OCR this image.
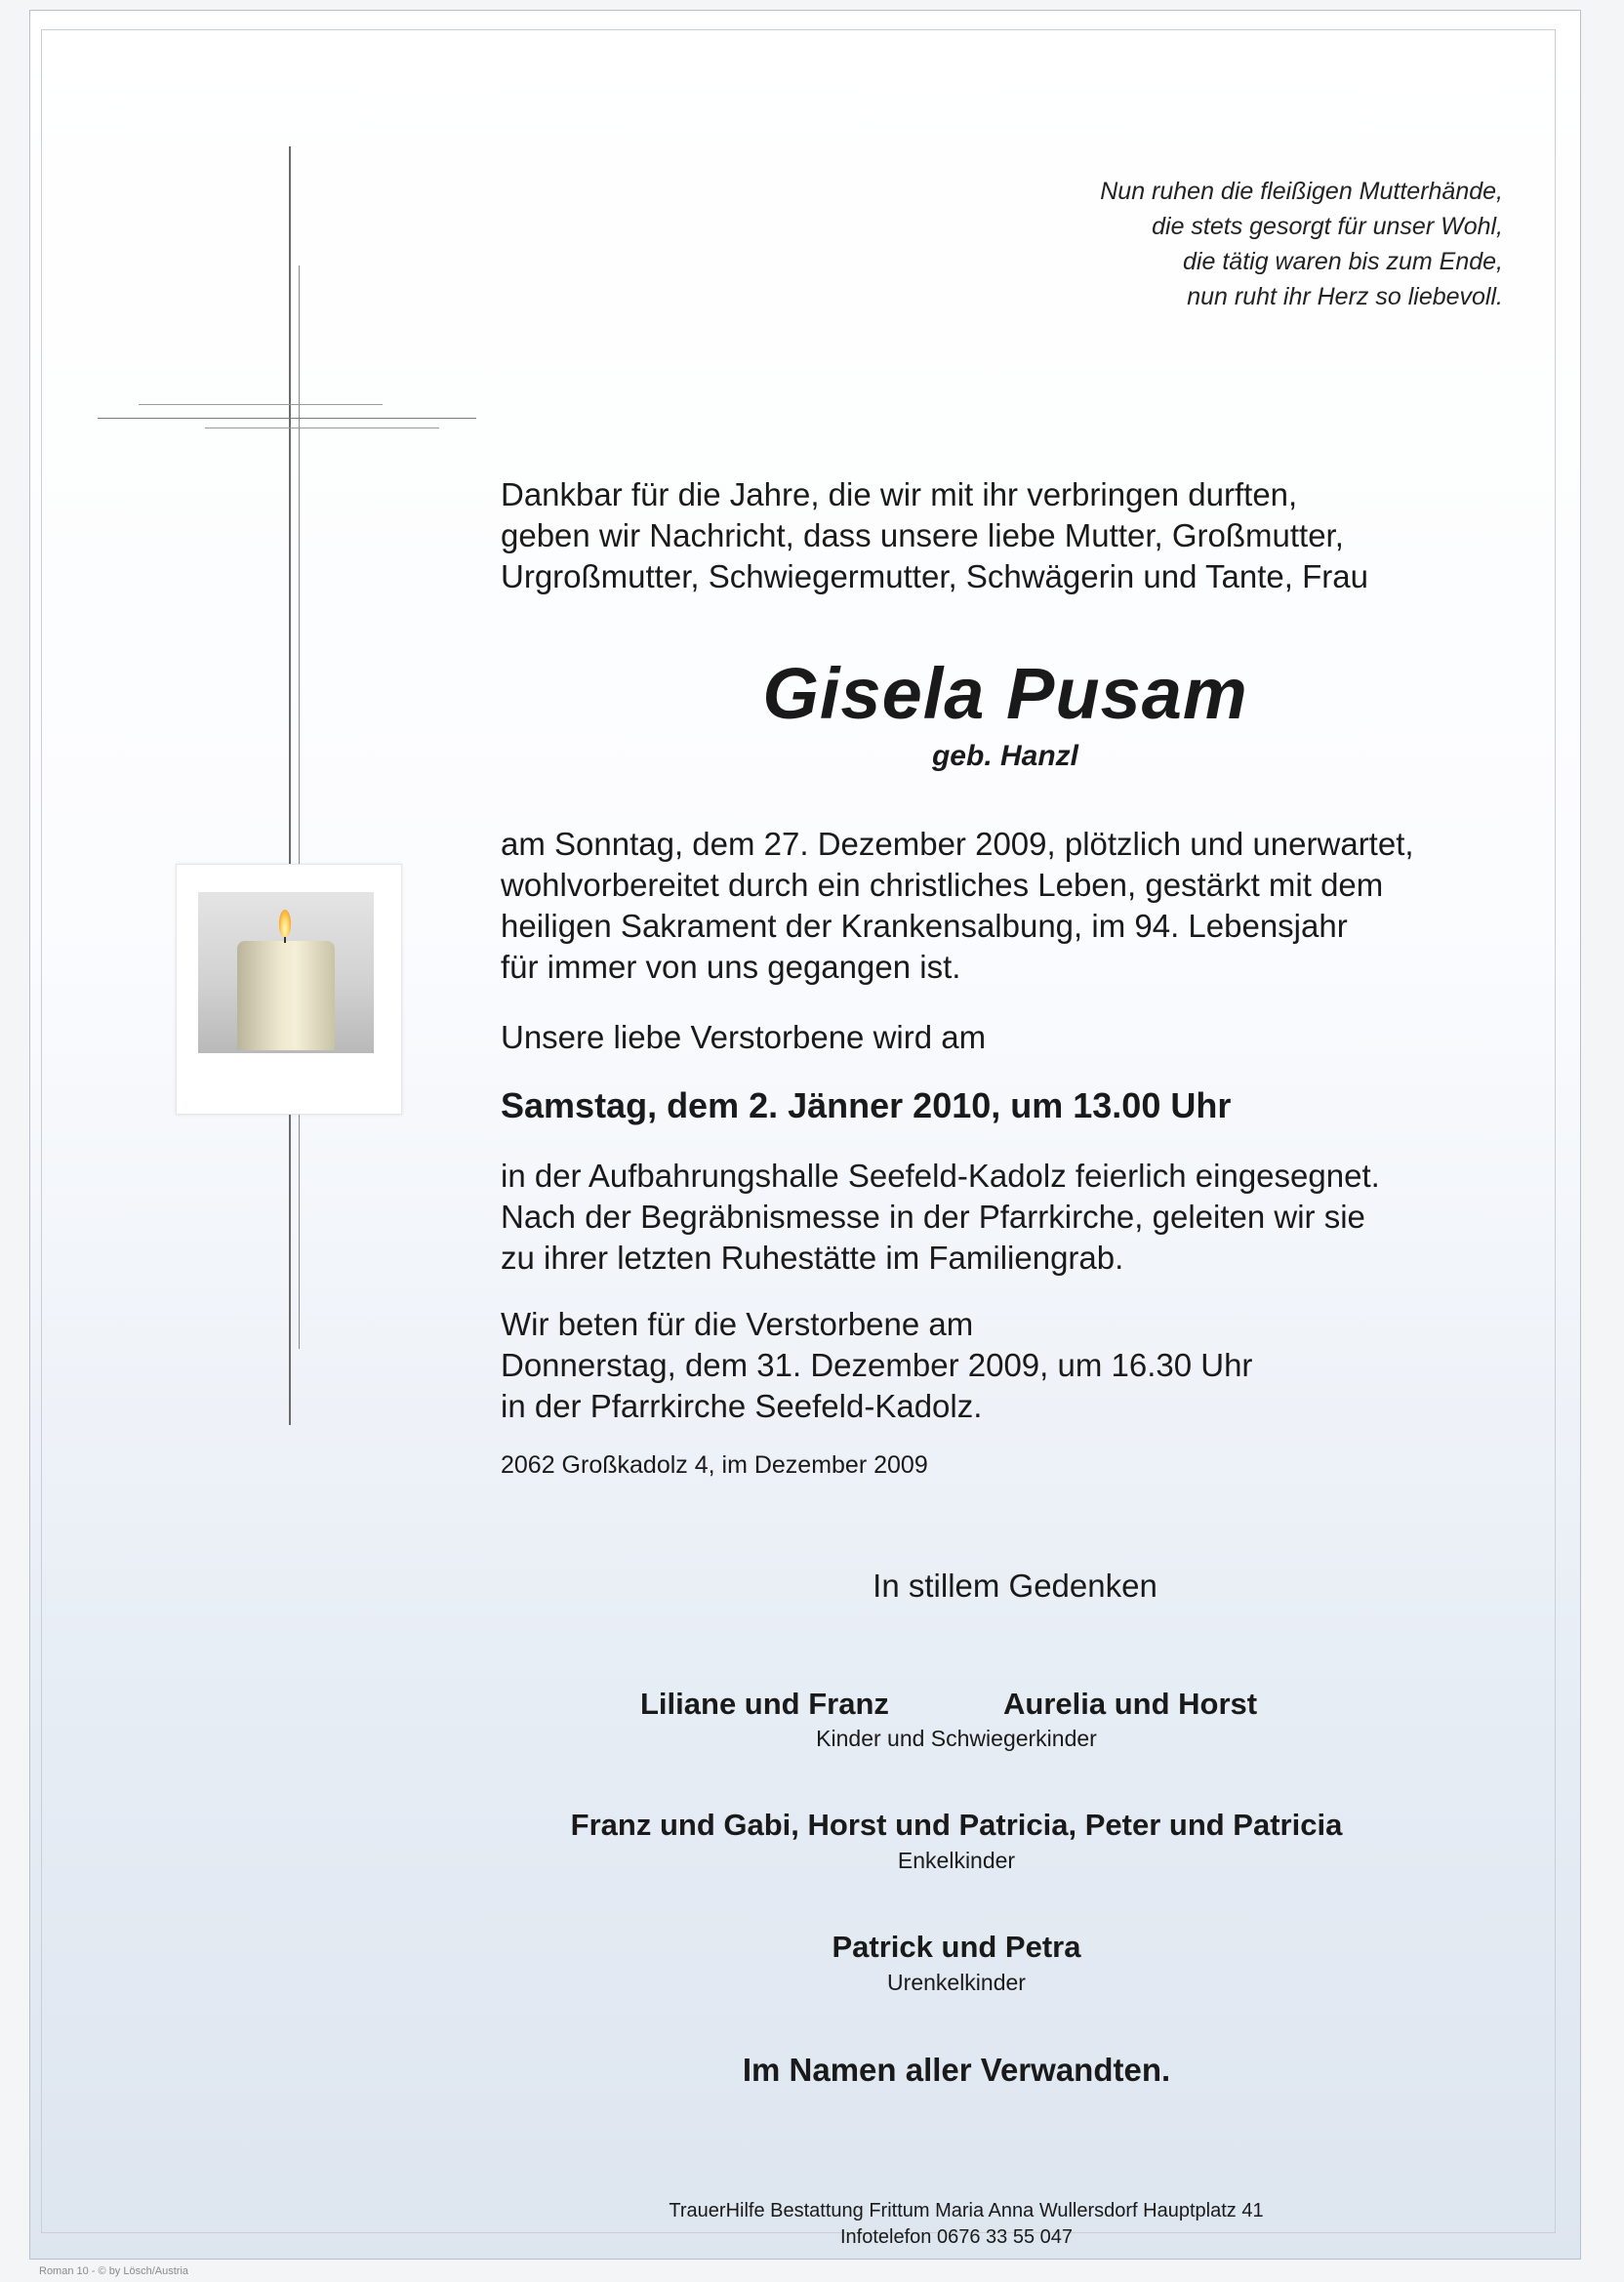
Nun ruhen die fleißigen Mutterhände,
die stets gesorgt für unser Wohl,
die tätig waren bis zum Ende,
nun ruht ihr Herz so liebevoll.
Dankbar für die Jahre, die wir mit ihr verbringen durften,
geben wir Nachricht, dass unsere liebe Mutter, Großmutter,
Urgroßmutter, Schwiegermutter, Schwägerin und Tante, Frau
Gisela Pusam
geb. Hanzl
am Sonntag, dem 27. Dezember 2009, plötzlich und unerwartet,
wohlvorbereitet durch ein christliches Leben, gestärkt mit dem
heiligen Sakrament der Krankensalbung, im 94. Lebensjahr
für immer von uns gegangen ist.
Unsere liebe Verstorbene wird am
Samstag, dem 2. Jänner 2010, um 13.00 Uhr
in der Aufbahrungshalle Seefeld-Kadolz feierlich eingesegnet.
Nach der Begräbnismesse in der Pfarrkirche, geleiten wir sie
zu ihrer letzten Ruhestätte im Familiengrab.
Wir beten für die Verstorbene am
Donnerstag, dem 31. Dezember 2009, um 16.30 Uhr
in der Pfarrkirche Seefeld-Kadolz.
2062 Großkadolz 4, im Dezember 2009
In stillem Gedenken
Liliane und Franz	Aurelia und Horst
Kinder und Schwiegerkinder
Franz und Gabi, Horst und Patricia, Peter und Patricia
Enkelkinder
Patrick und Petra
Urenkelkinder
Im Namen aller Verwandten.
TrauerHilfe Bestattung Frittum Maria Anna Wullersdorf Hauptplatz 41
Infotelefon 0676 33 55 047
Roman 10 - © by Lösch/Austria
